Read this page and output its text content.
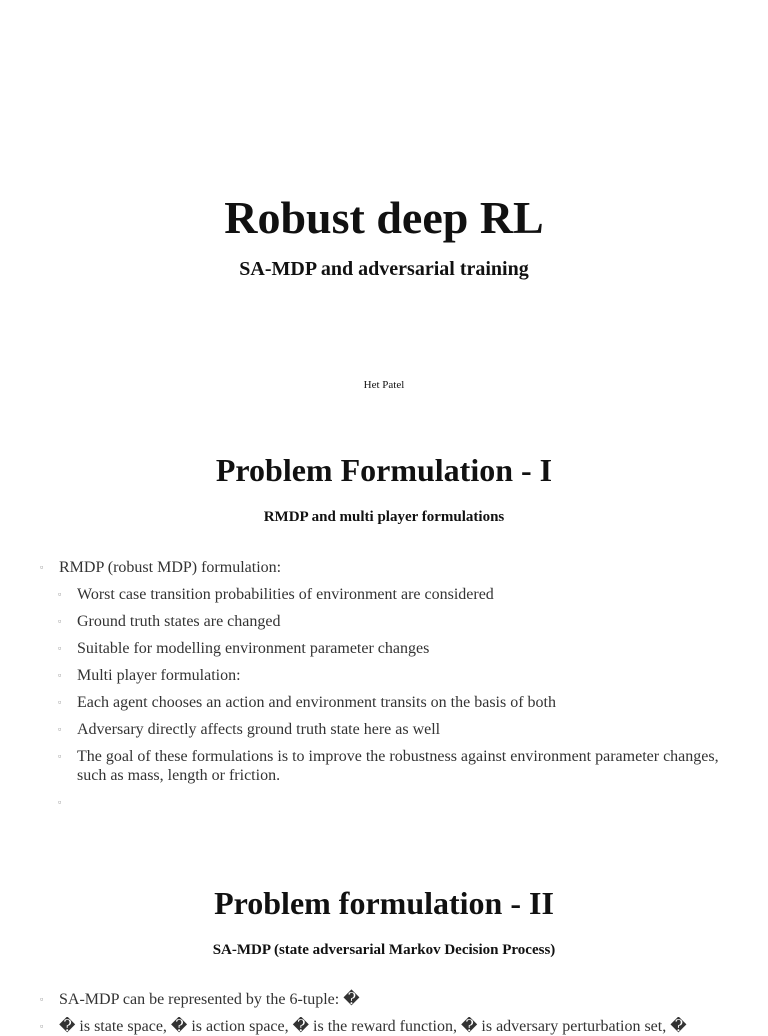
Robust deep RL
SA-MDP and adversarial training
Het Patel
Problem Formulation - I
RMDP and multi player formulations
▫ RMDP (robust MDP) formulation:
▫ Worst case transition probabilities of environment are considered
▫ Ground truth states are changed
▫ Suitable for modelling environment parameter changes
▫ Multi player formulation:
▫ Each agent chooses an action and environment transits on the basis of both
▫ Adversary directly affects ground truth state here as well
▫ The goal of these formulations is to improve the robustness against environment parameter changes, such as mass, length or friction.
▫
Problem formulation - II
SA-MDP (state adversarial Markov Decision Process)
▫ SA-MDP can be represented by the 6-tuple: �
▫ � is state space, � is action space, � is the reward function, � is adversary perturbation set, �
